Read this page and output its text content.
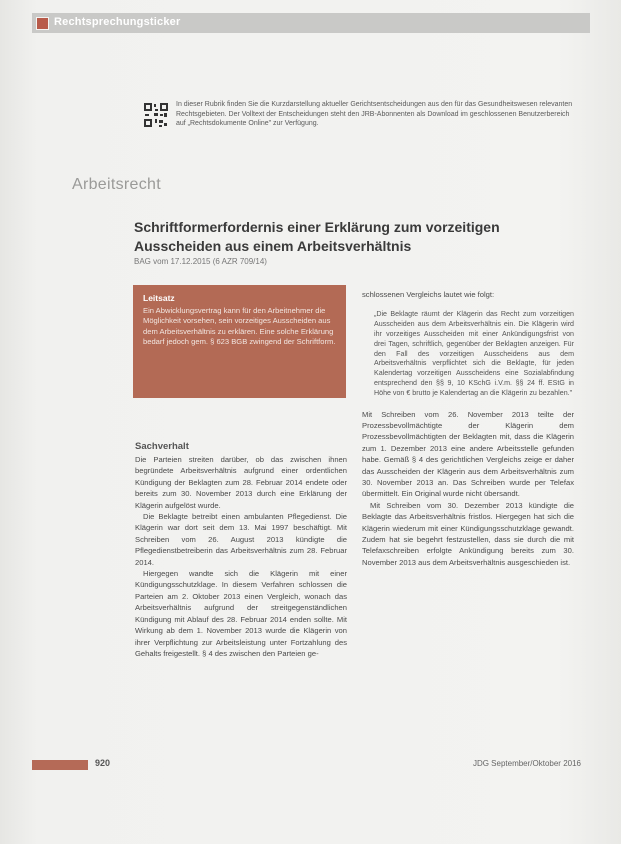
Rechtsprechungsticker
In dieser Rubrik finden Sie die Kurzdarstellung aktueller Gerichtsentscheidungen aus den für das Gesundheitswesen relevanten Rechtsgebieten. Der Volltext der Entscheidungen steht den JRB-Abonnenten als Download im geschlossenen Benutzerbereich auf „Rechtsdokumente Online" zur Verfügung.
Arbeitsrecht
Schriftformerfordernis einer Erklärung zum vorzeitigen Ausscheiden aus einem Arbeitsverhältnis
BAG vom 17.12.2015 (6 AZR 709/14)
Leitsatz
Ein Abwicklungsvertrag kann für den Arbeitnehmer die Möglichkeit vorsehen, sein vorzeitiges Ausscheiden aus dem Arbeitsverhältnis zu erklären. Eine solche Erklärung bedarf jedoch gem. § 623 BGB zwingend der Schriftform.
Sachverhalt

Die Parteien streiten darüber, ob das zwischen ihnen begründete Arbeitsverhältnis aufgrund einer ordentlichen Kündigung der Beklagten zum 28. Februar 2014 endete oder bereits zum 30. November 2013 durch eine Erklärung der Klägerin aufgelöst wurde.

Die Beklagte betreibt einen ambulanten Pflegedienst. Die Klägerin war dort seit dem 13. Mai 1997 beschäftigt. Mit Schreiben vom 26. August 2013 kündigte die Pflegedienstbetreiberin das Arbeitsverhältnis zum 28. Februar 2014.

Hiergegen wandte sich die Klägerin mit einer Kündigungsschutzklage. In diesem Verfahren schlossen die Parteien am 2. Oktober 2013 einen Vergleich, wonach das Arbeitsverhältnis aufgrund der streitgegenständlichen Kündigung mit Ablauf des 28. Februar 2014 enden sollte. Mit Wirkung ab dem 1. November 2013 wurde die Klägerin von ihrer Verpflichtung zur Arbeitsleistung unter Fortzahlung des Gehalts freigestellt. § 4 des zwischen den Parteien ge-

schlossenen Vergleichs lautet wie folgt:

„Die Beklagte räumt der Klägerin das Recht zum vorzeitigen Ausscheiden aus dem Arbeitsverhältnis ein. Die Klägerin wird ihr vorzeitiges Ausscheiden mit einer Ankündigungsfrist von drei Tagen, schriftlich, gegenüber der Beklagten anzeigen. Für den Fall des vorzeitigen Ausscheidens aus dem Arbeitsverhältnis verpflichtet sich die Beklagte, für jeden Kalendertag vorzeitigen Ausscheidens eine Sozialabfindung entsprechend den §§ 9, 10 KSchG i.V.m. §§ 24 ff. EStG in Höhe von € brutto je Kalendertag an die Klägerin zu bezahlen."

Mit Schreiben vom 26. November 2013 teilte der Prozessbevollmächtigte der Klägerin dem Prozessbevollmächtigten der Beklagten mit, dass die Klägerin zum 1. Dezember 2013 eine andere Arbeitsstelle gefunden habe. Gemäß § 4 des gerichtlichen Vergleichs zeige er daher das Ausscheiden der Klägerin aus dem Arbeitsverhältnis zum 30. November 2013 an. Das Schreiben wurde per Telefax übermittelt. Ein Original wurde nicht übersandt.

Mit Schreiben vom 30. Dezember 2013 kündigte die Beklagte das Arbeitsverhältnis fristlos. Hiergegen hat sich die Klägerin wiederum mit einer Kündigungsschutzklage gewandt. Zudem hat sie begehrt festzustellen, dass sie durch die mit Telefaxschreiben erfolgte Ankündigung bereits zum 30. November 2013 aus dem Arbeitsverhältnis ausgeschieden ist.

920	JDG September/Oktober 2016
